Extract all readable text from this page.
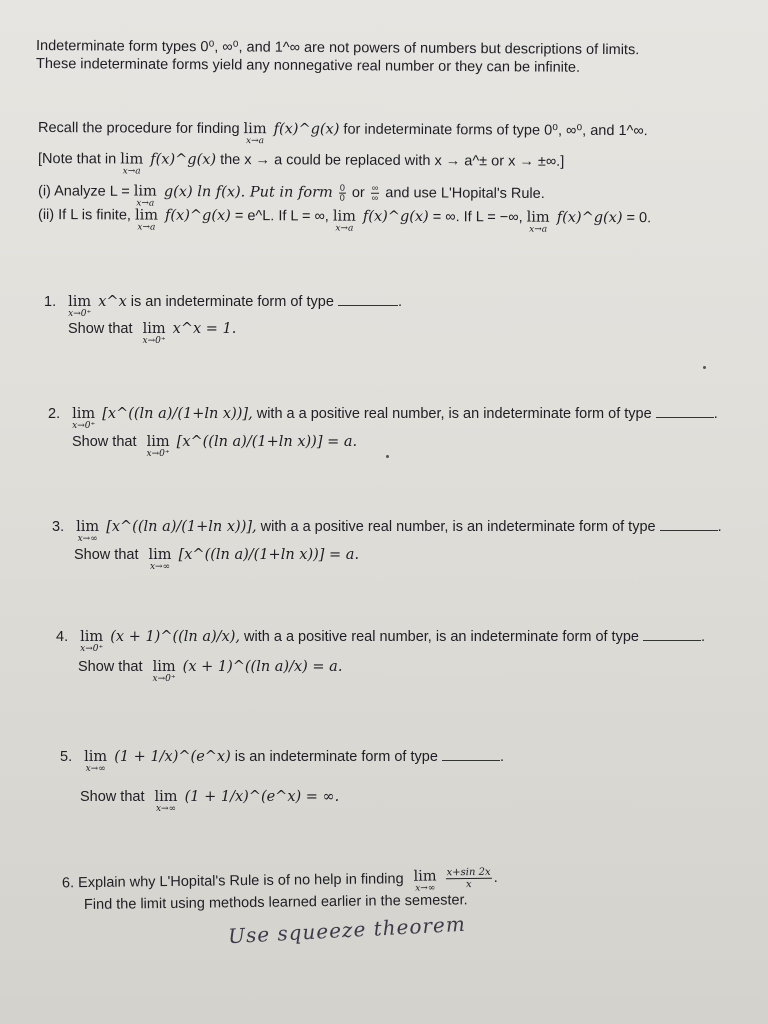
Indeterminate form types 0⁰, ∞⁰, and 1^∞ are not powers of numbers but descriptions of limits.
These indeterminate forms yield any nonnegative real number or they can be infinite.
Recall the procedure for finding lim
x→a
f(x)^g(x) for indeterminate forms of type 0⁰, ∞⁰, and 1^∞.
[Note that in lim
x→a
f(x)^g(x) the x → a could be replaced with x → a^± or x → ±∞.]
(i) Analyze L = lim
x→a
g(x) ln f(x). Put in form $\frac{0}{0}$ or $\frac{\infty}{\infty}$ and use L'Hopital's Rule.
(ii) If L is finite, lim
x→a
f(x)^g(x) = e^L. If L = ∞, lim
x→a
f(x)^g(x) = ∞. If L = −∞, lim
x→a
f(x)^g(x) = 0.
1. lim
x→0⁺
x^x is an indeterminate form of type	.
Show that lim
x→0⁺
x^x = 1.
2. lim
x→0⁺
[x^((ln a)/(1+ln x))], with a a positive real number, is an indeterminate form of type	.
Show that lim
x→0⁺
[x^((ln a)/(1+ln x))] = a.
3. lim
x→∞
[x^((ln a)/(1+ln x))], with a a positive real number, is an indeterminate form of type	.
Show that lim
x→∞
[x^((ln a)/(1+ln x))] = a.
4. lim
x→0⁺
(x + 1)^((ln a)/x), with a a positive real number, is an indeterminate form of type	.
Show that lim
x→0⁺
(x + 1)^((ln a)/x) = a.
5. lim
x→∞
(1 + 1/x)^(e^x) is an indeterminate form of type	.
Show that lim
x→∞
(1 + 1/x)^(e^x) = ∞.
6. Explain why L'Hopital's Rule is of no help in finding lim
x→∞
$\frac{x+\sin 2x}{x}$ .
Find the limit using methods learned earlier in the semester.
Use squeeze theorem
